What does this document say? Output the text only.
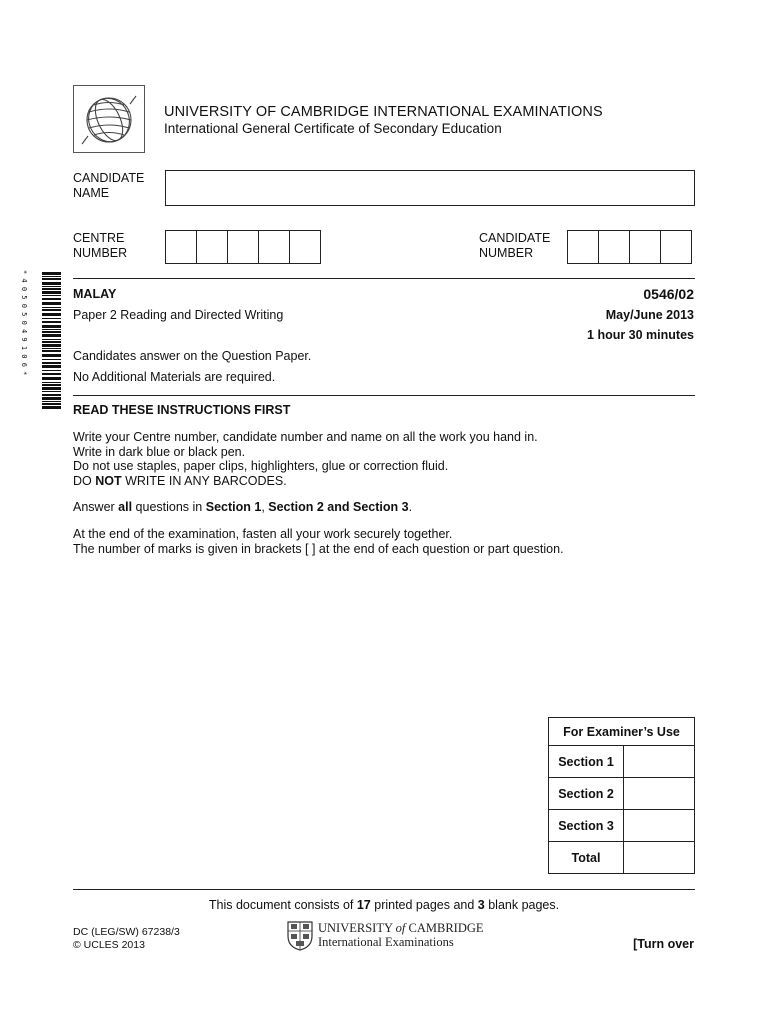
UNIVERSITY OF CAMBRIDGE INTERNATIONAL EXAMINATIONS
International General Certificate of Secondary Education
CANDIDATE
NAME
CENTRE
NUMBER
CANDIDATE
NUMBER
* 4 0 5 0 5 0 4 9 1 0 6 *	MALAY	0546/02
Paper 2 Reading and Directed Writing	May/June 2013
1 hour 30 minutes
Candidates answer on the Question Paper.
No Additional Materials are required.
READ THESE INSTRUCTIONS FIRST

Write your Centre number, candidate number and name on all the work you hand in.

Write in dark blue or black pen.

Do not use staples, paper clips, highlighters, glue or correction fluid.

DO NOT WRITE IN ANY BARCODES.

Answer all questions in Section 1, Section 2 and Section 3.

At the end of the examination, fasten all your work securely together.

The number of marks is given in brackets [ ] at the end of each question or part question.

For Examiner’s Use	
Section 1	
Section 2	
Section 3	
Total	
This document consists of 17 printed pages and 3 blank pages.
DC (LEG/SW) 67238/3
© UCLES 2013
UNIVERSITY of CAMBRIDGE
International Examinations	[Turn over
